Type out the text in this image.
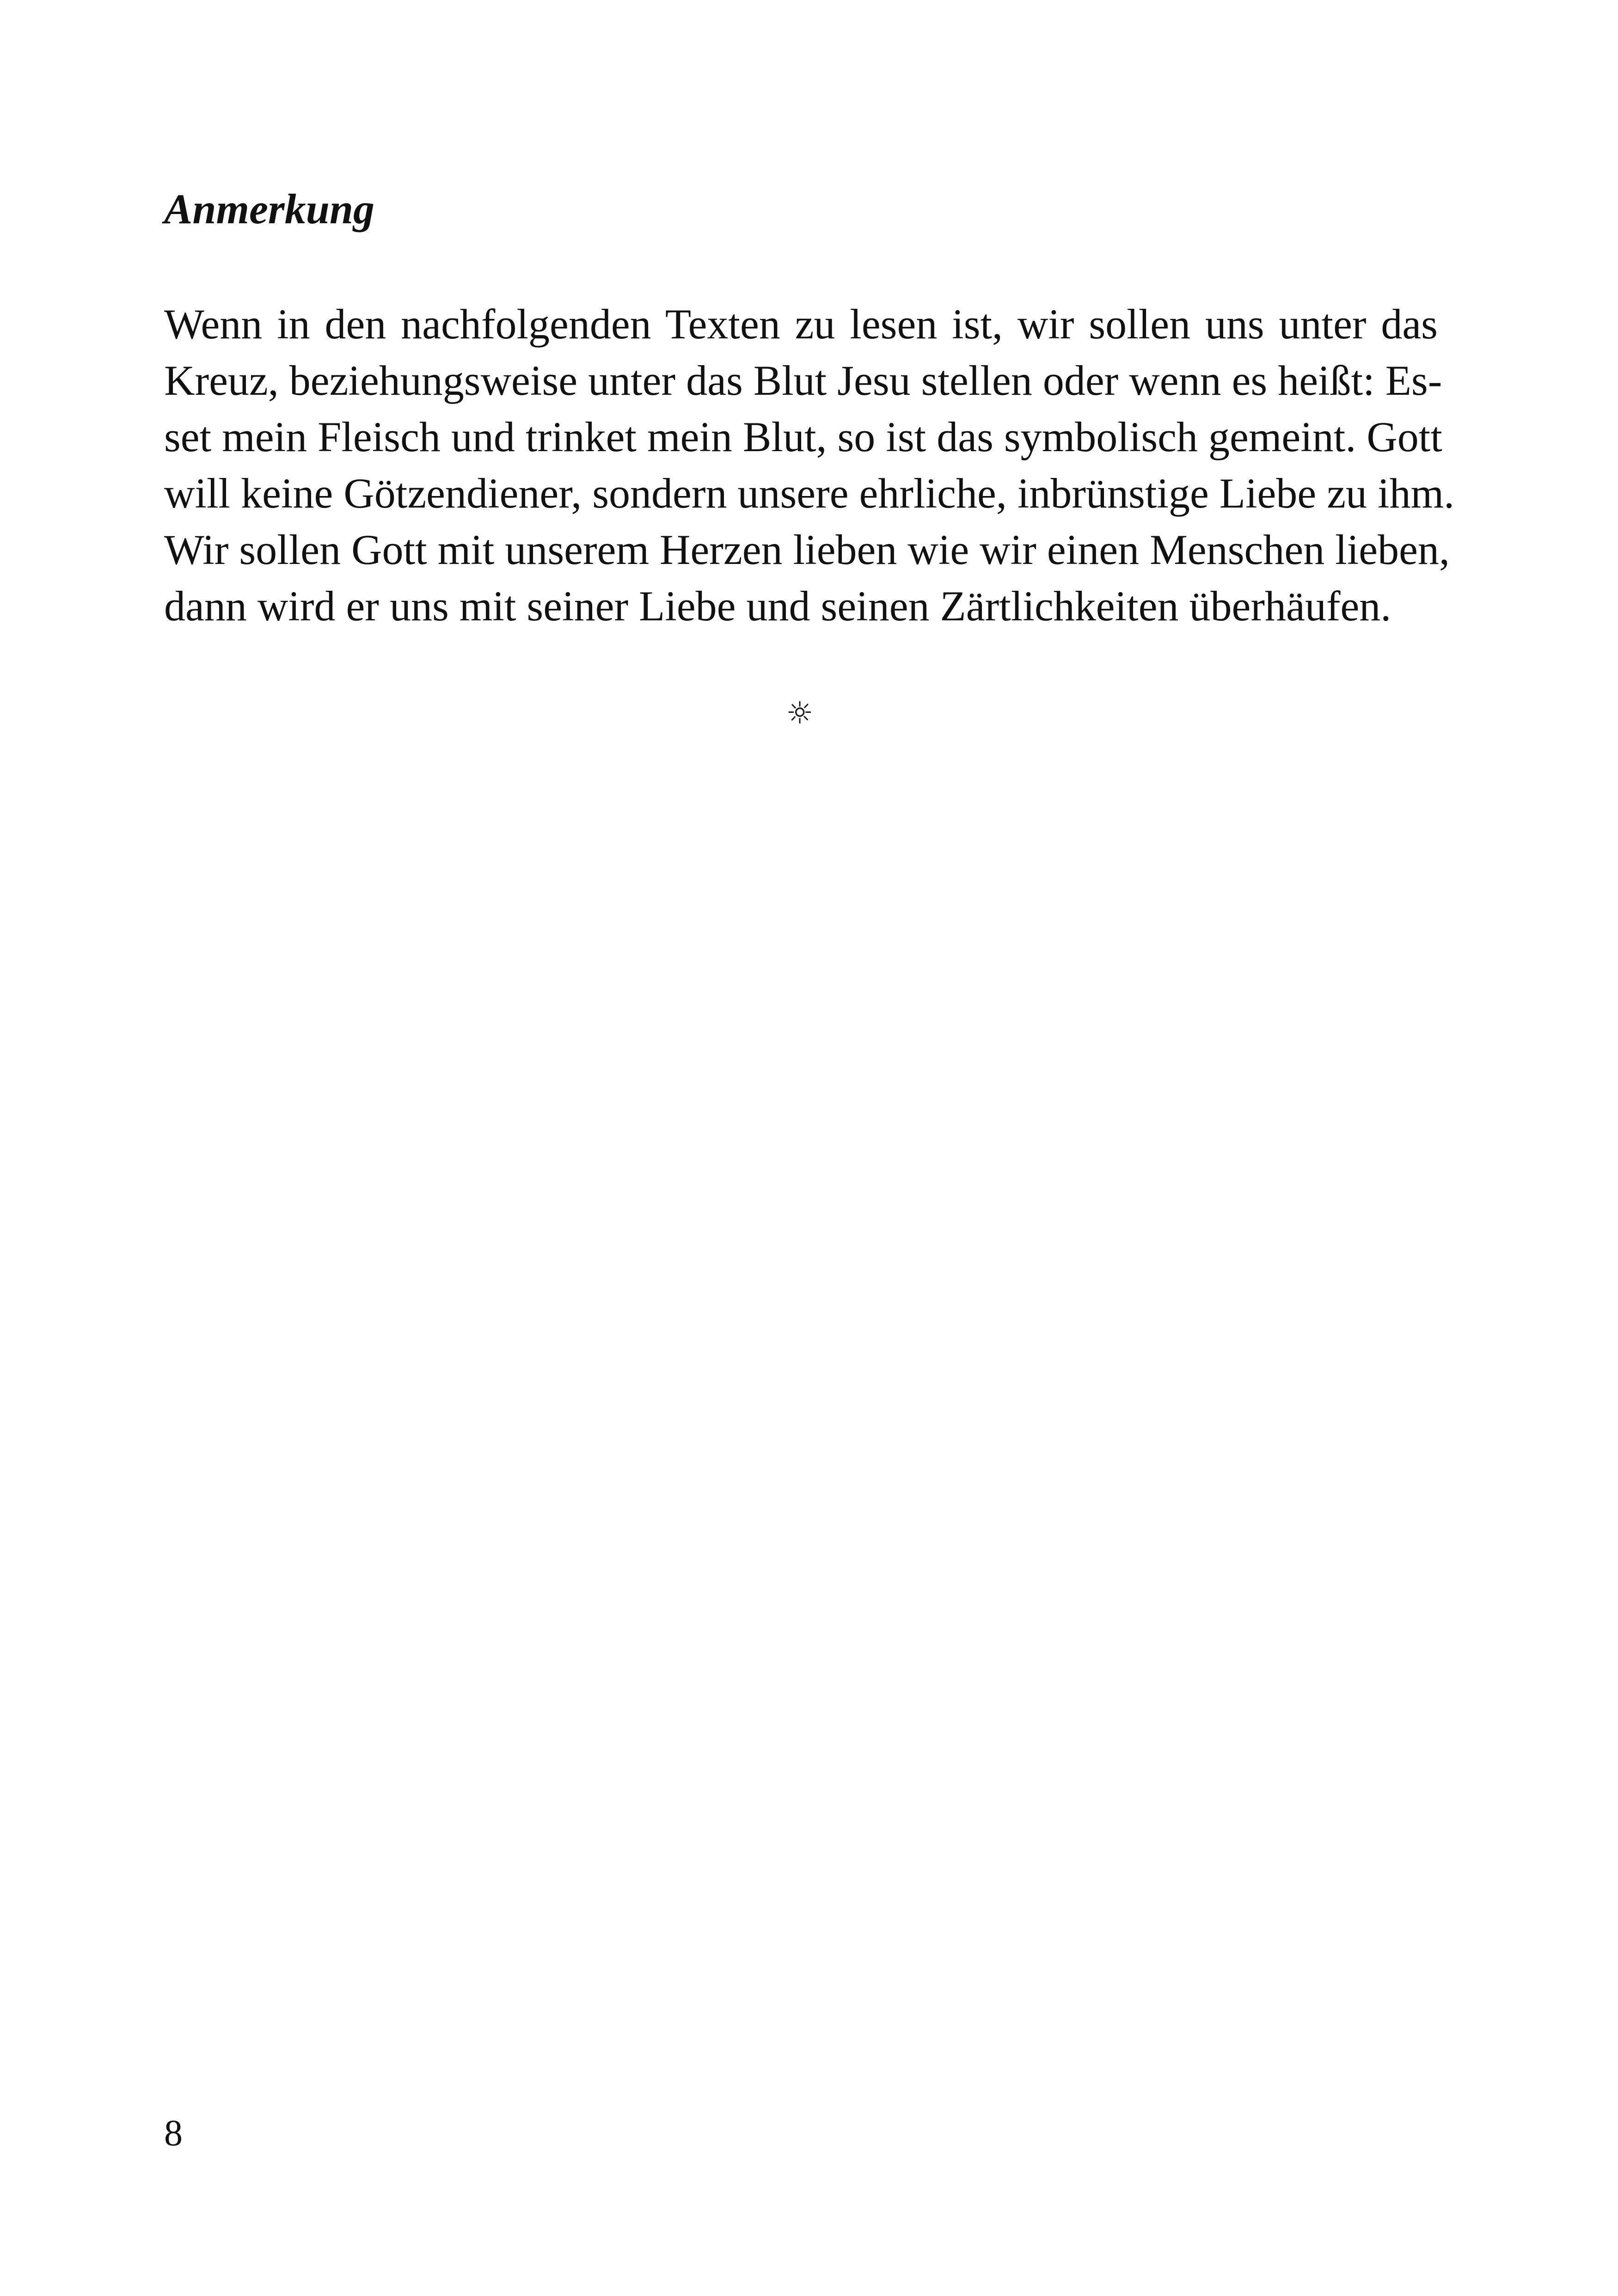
Anmerkung
Wenn in den nachfolgenden Texten zu lesen ist, wir sollen uns unter das
Kreuz, beziehungsweise unter das Blut Jesu stellen oder wenn es heißt: Es-
set mein Fleisch und trinket mein Blut, so ist das symbolisch gemeint. Gott
will keine Götzendiener, sondern unsere ehrliche, inbrünstige Liebe zu ihm.
Wir sollen Gott mit unserem Herzen lieben wie wir einen Menschen lieben,
dann wird er uns mit seiner Liebe und seinen Zärtlichkeiten überhäufen.
☼
8
